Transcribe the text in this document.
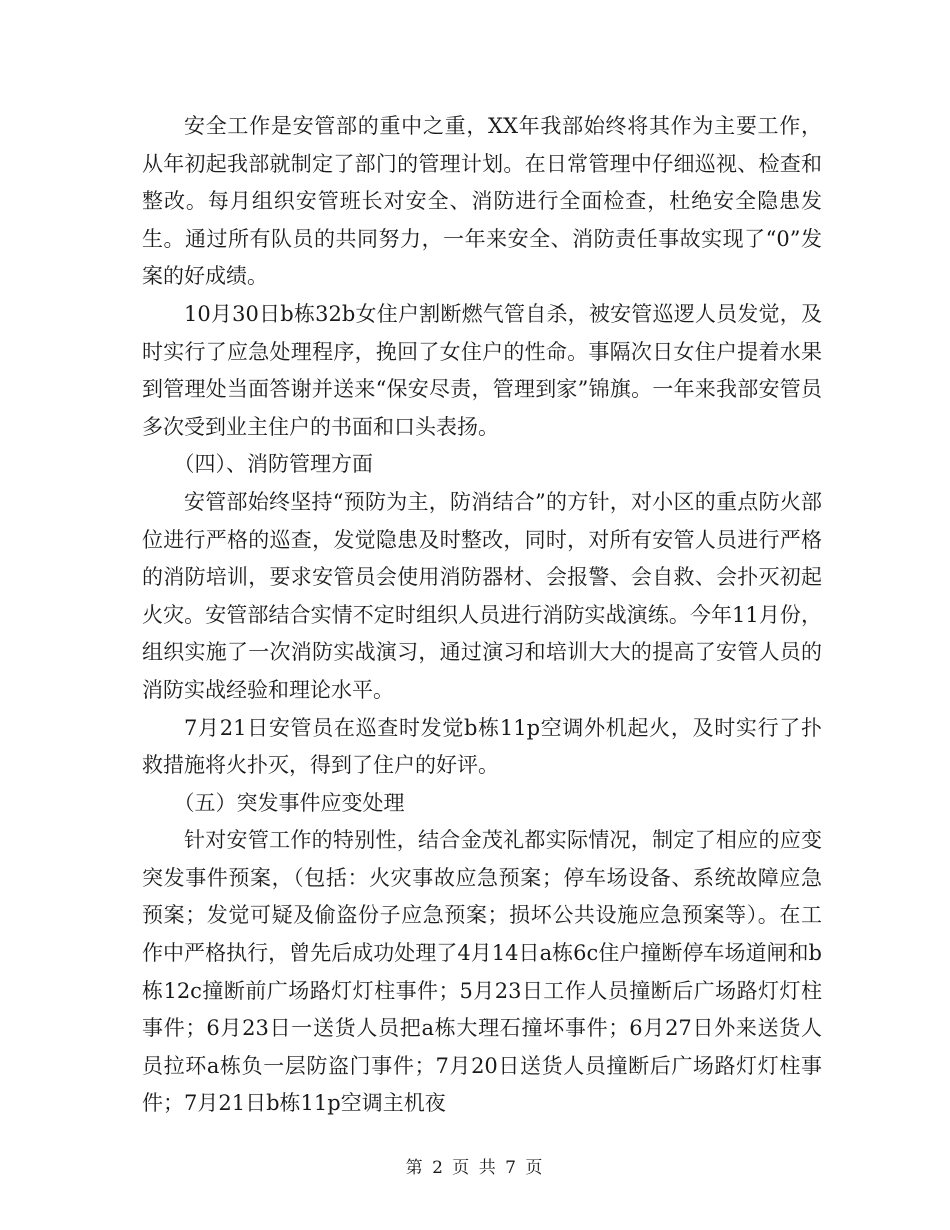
安全工作是安管部的重中之重，XX年我部始终将其作为主要工作，从年初起我部就制定了部门的管理计划。在日常管理中仔细巡视、检查和整改。每月组织安管班长对安全、消防进行全面检查，杜绝安全隐患发生。通过所有队员的共同努力，一年来安全、消防责任事故实现了“0”发案的好成绩。

10月30日b栋32b女住户割断燃气管自杀，被安管巡逻人员发觉，及时实行了应急处理程序，挽回了女住户的性命。事隔次日女住户提着水果到管理处当面答谢并送来“保安尽责，管理到家”锦旗。一年来我部安管员多次受到业主住户的书面和口头表扬。

（四）、消防管理方面

安管部始终坚持“预防为主，防消结合”的方针，对小区的重点防火部位进行严格的巡查，发觉隐患及时整改，同时，对所有安管人员进行严格的消防培训，要求安管员会使用消防器材、会报警、会自救、会扑灭初起火灾。安管部结合实情不定时组织人员进行消防实战演练。今年11月份，组织实施了一次消防实战演习，通过演习和培训大大的提高了安管人员的消防实战经验和理论水平。

7月21日安管员在巡查时发觉b栋11p空调外机起火，及时实行了扑救措施将火扑灭，得到了住户的好评。

（五）突发事件应变处理

针对安管工作的特别性，结合金茂礼都实际情况，制定了相应的应变突发事件预案，（包括：火灾事故应急预案；停车场设备、系统故障应急预案；发觉可疑及偷盗份子应急预案；损坏公共设施应急预案等）。在工作中严格执行，曾先后成功处理了4月14日a栋6c住户撞断停车场道闸和b栋12c撞断前广场路灯灯柱事件；5月23日工作人员撞断后广场路灯灯柱事件；6月23日一送货人员把a栋大理石撞坏事件；6月27日外来送货人员拉环a栋负一层防盗门事件；7月20日送货人员撞断后广场路灯灯柱事件；7月21日b栋11p空调主机夜

第 2 页 共 7 页
